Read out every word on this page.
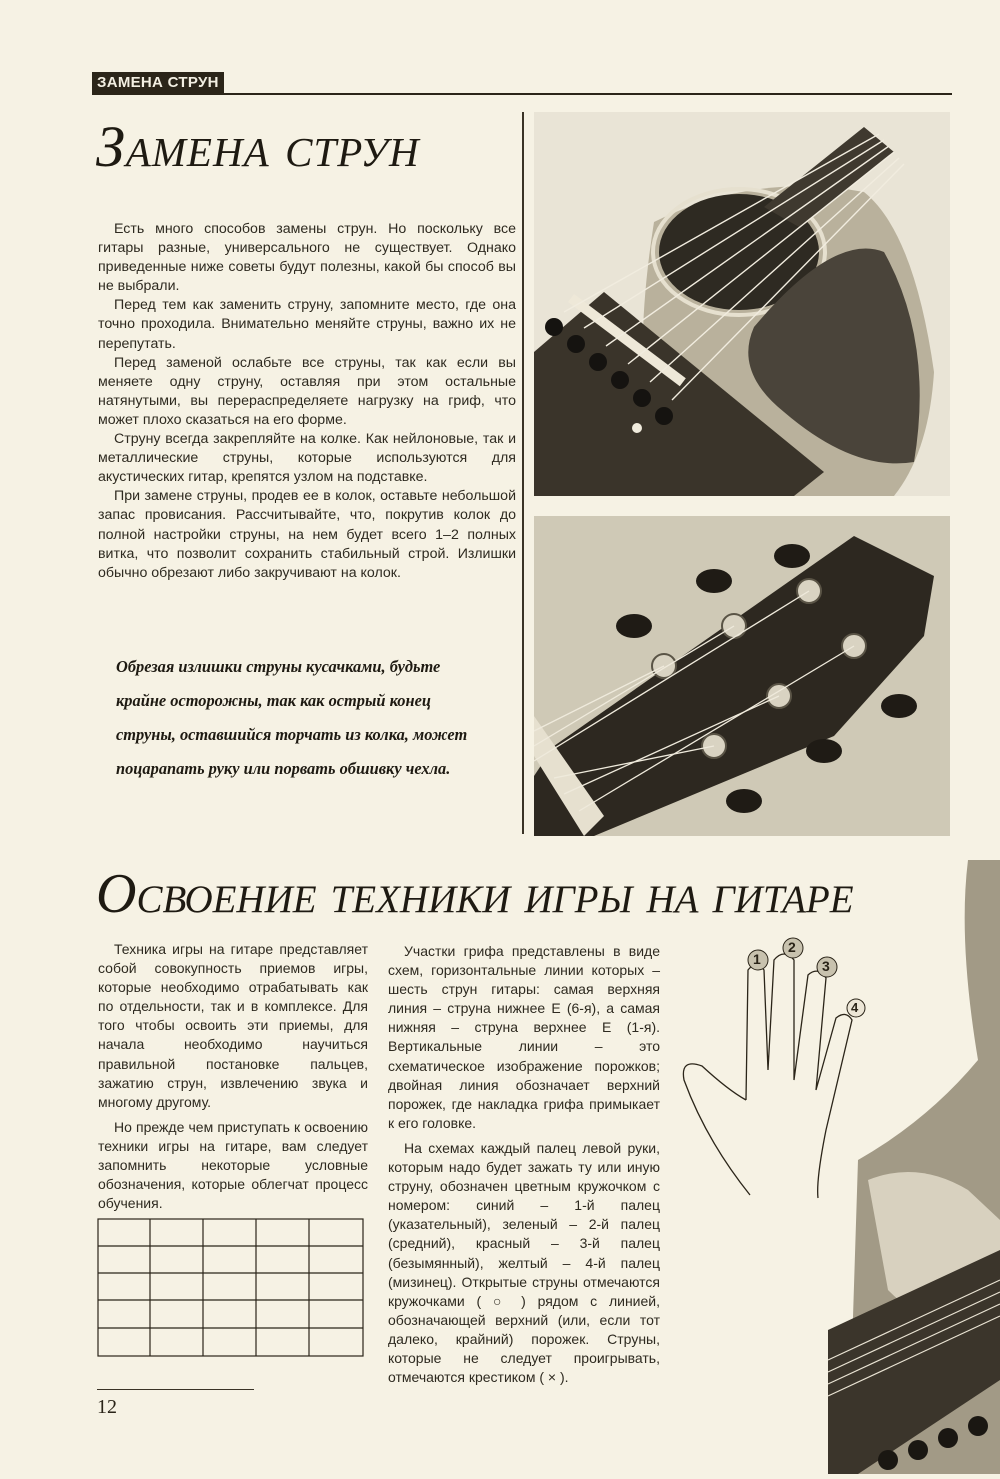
ЗАМЕНА СТРУН
Замена струн

Есть много способов замены струн. Но поскольку все гитары разные, универсального не существует. Однако приведенные ниже советы будут полезны, какой бы способ вы не выбрали.

Перед тем как заменить струну, запомните место, где она точно проходила. Внимательно меняйте струны, важно их не перепутать.

Перед заменой ослабьте все струны, так как если вы меняете одну струну, оставляя при этом остальные натянутыми, вы перераспределяете нагрузку на гриф, что может плохо сказаться на его форме.

Струну всегда закрепляйте на колке. Как нейлоновые, так и металлические струны, которые используются для акустических гитар, крепятся узлом на подставке.

При замене струны, продев ее в колок, оставьте небольшой запас провисания. Рассчитывайте, что, покрутив колок до полной настройки струны, на нем будет всего 1–2 полных витка, что позволит сохранить стабильный строй. Излишки обычно обрезают либо закручивают на колок.

Обрезая излишки струны кусачками, будьте крайне осторожны, так как острый конец струны, оставшийся торчать из колка, может поцарапать руку или порвать обшивку чехла.
Освоение техники игры на гитаре

Техника игры на гитаре представляет собой совокупность приемов игры, которые необходимо отрабатывать как по отдельности, так и в комплексе. Для того чтобы освоить эти приемы, для начала необходимо научиться правильной постановке пальцев, зажатию струн, извлечению звука и многому другому.

Но прежде чем приступать к освоению техники игры на гитаре, вам следует запомнить некоторые условные обозначения, которые облегчат процесс обучения.

Участки грифа представлены в виде схем, горизонтальные линии которых – шесть струн гитары: самая верхняя линия – струна нижнее E (6-я), а самая нижняя – струна верхнее E (1-я). Вертикальные линии – это схематическое изображение порожков; двойная линия обозначает верхний порожек, где накладка грифа примыкает к его головке.

На схемах каждый палец левой руки, которым надо будет зажать ту или иную струну, обозначен цветным кружочком с номером: синий – 1-й палец (указательный), зеленый – 2-й палец (средний), красный – 3-й палец (безымянный), желтый – 4-й палец (мизинец). Открытые струны отмечаются кружочками ( ○ ) рядом с линией, обозначающей верхний (или, если тот далеко, крайний) порожек. Струны, которые не следует проигрывать, отмечаются крестиком ( × ).

1
2
3
4
12
